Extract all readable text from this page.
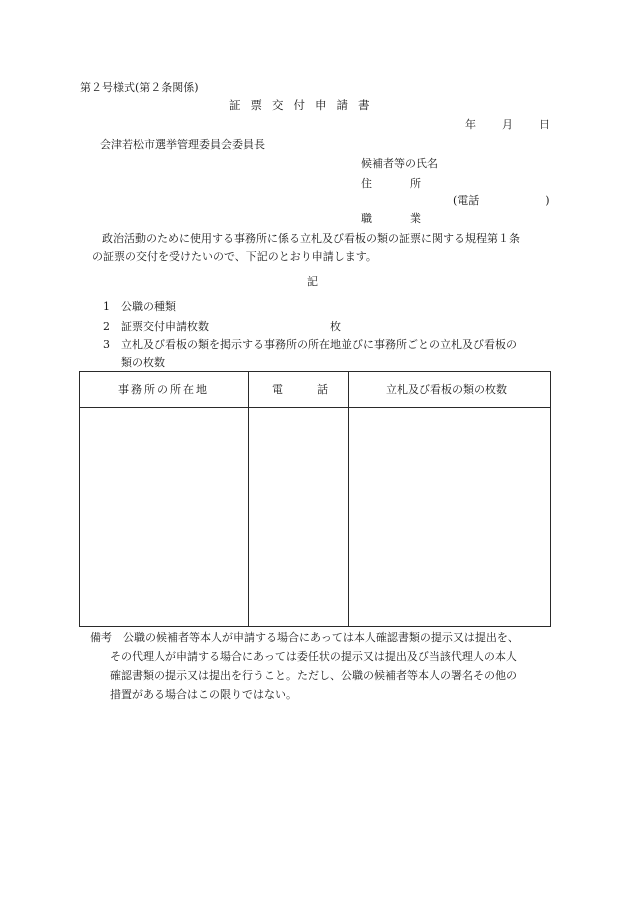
第２号様式(第２条関係)
証票交付申請書
年 月 日
会津若松市選挙管理委員会委員長
候補者等の氏名
住	所
(電話	)
職	業
政治活動のために使用する事務所に係る立札及び看板の類の証票に関する規程第１条
の証票の交付を受けたいので、下記のとおり申請します。
記
1 公職の種類
2 証票交付申請枚数	枚
3 立札及び看板の類を掲示する事務所の所在地並びに事務所ごとの立札及び看板の
類の枚数
事務所の所在地	電	話	立札及び看板の類の枚数
備考　公職の候補者等本人が申請する場合にあっては本人確認書類の提示又は提出を、
その代理人が申請する場合にあっては委任状の提示又は提出及び当該代理人の本人
確認書類の提示又は提出を行うこと。ただし、公職の候補者等本人の署名その他の
措置がある場合はこの限りではない。
